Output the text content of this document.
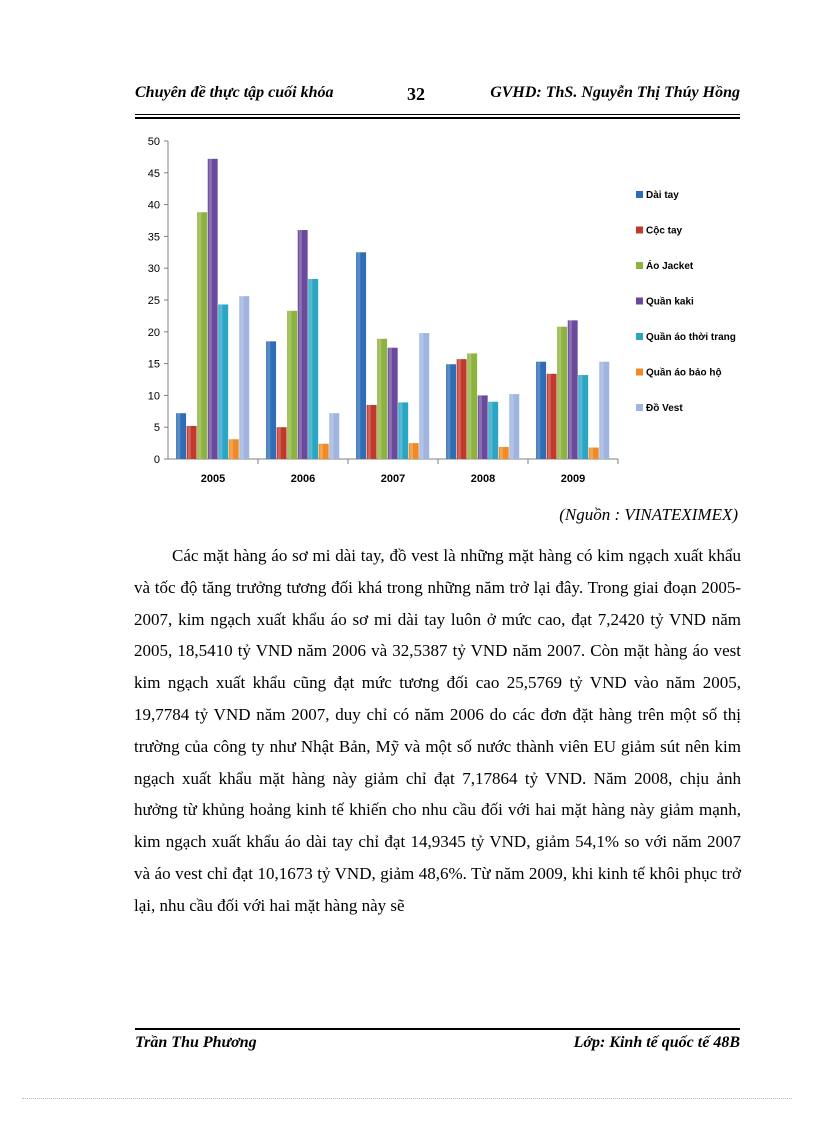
Chuyên đề thực tập cuối khóa	32	GVHD: ThS. Nguyễn Thị Thúy Hồng
0
5
10
15
20
25
30
35
40
45
50
2005	2006	2007	2008	2009
Dài tay
Cộc tay
Áo Jacket
Quần kaki
Quần áo thời trang
Quần áo bảo hộ
Đồ Vest
(Nguồn : VINATEXIMEX)

Các mặt hàng áo sơ mi dài tay, đồ vest là những mặt hàng có kim ngạch xuất khẩu và tốc độ tăng trưởng tương đối khá trong những năm trở lại đây. Trong giai đoạn 2005-2007, kim ngạch xuất khẩu áo sơ mi dài tay luôn ở mức cao, đạt 7,2420 tỷ VND năm 2005, 18,5410 tỷ VND năm 2006 và 32,5387 tỷ VND năm 2007. Còn mặt hàng áo vest kim ngạch xuất khẩu cũng đạt mức tương đối cao 25,5769 tỷ VND vào năm 2005, 19,7784 tỷ VND năm 2007, duy chỉ có năm 2006 do các đơn đặt hàng trên một số thị trường của công ty như Nhật Bản, Mỹ và một số nước thành viên EU giảm sút nên kim ngạch xuất khẩu mặt hàng này giảm chỉ đạt 7,17864 tỷ VND. Năm 2008, chịu ảnh hưởng từ khủng hoảng kinh tế khiến cho nhu cầu đối với hai mặt hàng này giảm mạnh, kim ngạch xuất khẩu áo dài tay chỉ đạt 14,9345 tỷ VND, giảm 54,1% so với năm 2007 và áo vest chỉ đạt 10,1673 tỷ VND, giảm 48,6%. Từ năm 2009, khi kinh tế khôi phục trở lại, nhu cầu đối với hai mặt hàng này sẽ

Trần Thu Phương	Lớp: Kinh tế quốc tế 48B
